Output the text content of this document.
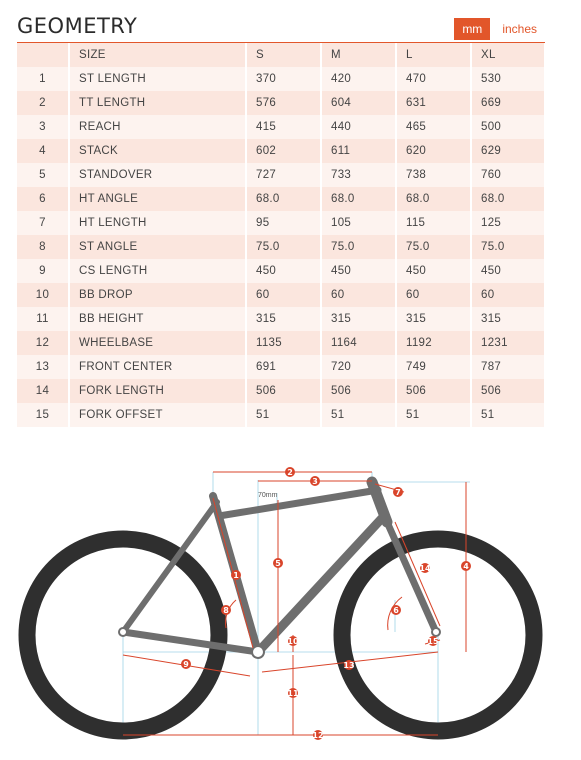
GEOMETRY	mm	inches
	SIZE	S	M	L	XL
1	ST LENGTH	370	420	470	530
2	TT LENGTH	576	604	631	669
3	REACH	415	440	465	500
4	STACK	602	611	620	629
5	STANDOVER	727	733	738	760
6	HT ANGLE	68.0	68.0	68.0	68.0
7	HT LENGTH	95	105	115	125
8	ST ANGLE	75.0	75.0	75.0	75.0
9	CS LENGTH	450	450	450	450
10	BB DROP	60	60	60	60
11	BB HEIGHT	315	315	315	315
12	WHEELBASE	1135	1164	1192	1231
13	FRONT CENTER	691	720	749	787
14	FORK LENGTH	506	506	506	506
15	FORK OFFSET	51	51	51	51
70mm
1
2
3
4
5
6
7
8
9
10
11
12
13
14
15
